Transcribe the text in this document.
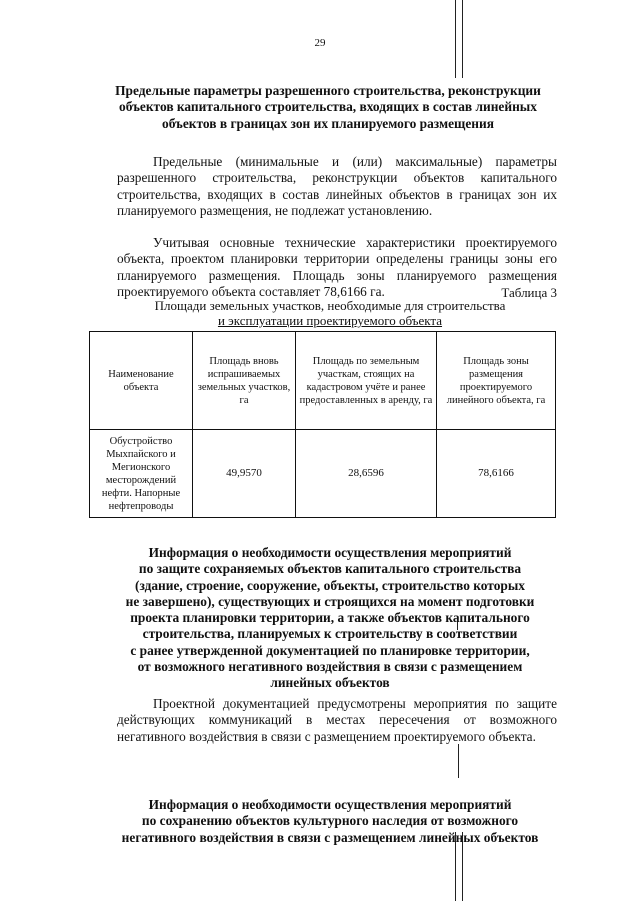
29
Предельные параметры разрешенного строительства, реконструкции
объектов капитального строительства, входящих в состав линейных
объектов в границах зон их планируемого размещения
Предельные (минимальные и (или) максимальные) параметры разрешенного строительства, реконструкции объектов капитального строительства, входящих в состав линейных объектов в границах зон их планируемого размещения, не подлежат установлению.
Учитывая основные технические характеристики проектируемого объекта, проектом планировки территории определены границы зоны его планируемого размещения. Площадь зоны планируемого размещения проектируемого объекта составляет 78,6166 га.	Таблица 3
Площади земельных участков, необходимые для строительства
и эксплуатации проектируемого объекта
Наименование объекта	Площадь вновь испрашиваемых земельных участков, га	Площадь по земельным участкам, стоящих на кадастровом учёте и ранее предоставленных в аренду, га	Площадь зоны размещения проектируемого линейного объекта, га
Обустройство Мыхпайского и Мегионского месторождений нефти. Напорные нефтепроводы	49,9570	28,6596	78,6166
Информация о необходимости осуществления мероприятий
по защите сохраняемых объектов капитального строительства
(здание, строение, сооружение, объекты, строительство которых
не завершено), существующих и строящихся на момент подготовки
проекта планировки территории, а также объектов капитального
строительства, планируемых к строительству в соответствии
с ранее утвержденной документацией по планировке территории,
от возможного негативного воздействия в связи с размещением
линейных объектов
Проектной документацией предусмотрены мероприятия по защите действующих коммуникаций в местах пересечения от возможного негативного воздействия в связи с размещением проектируемого объекта.
Информация о необходимости осуществления мероприятий
по сохранению объектов культурного наследия от возможного
негативного воздействия в связи с размещением линейных объектов
